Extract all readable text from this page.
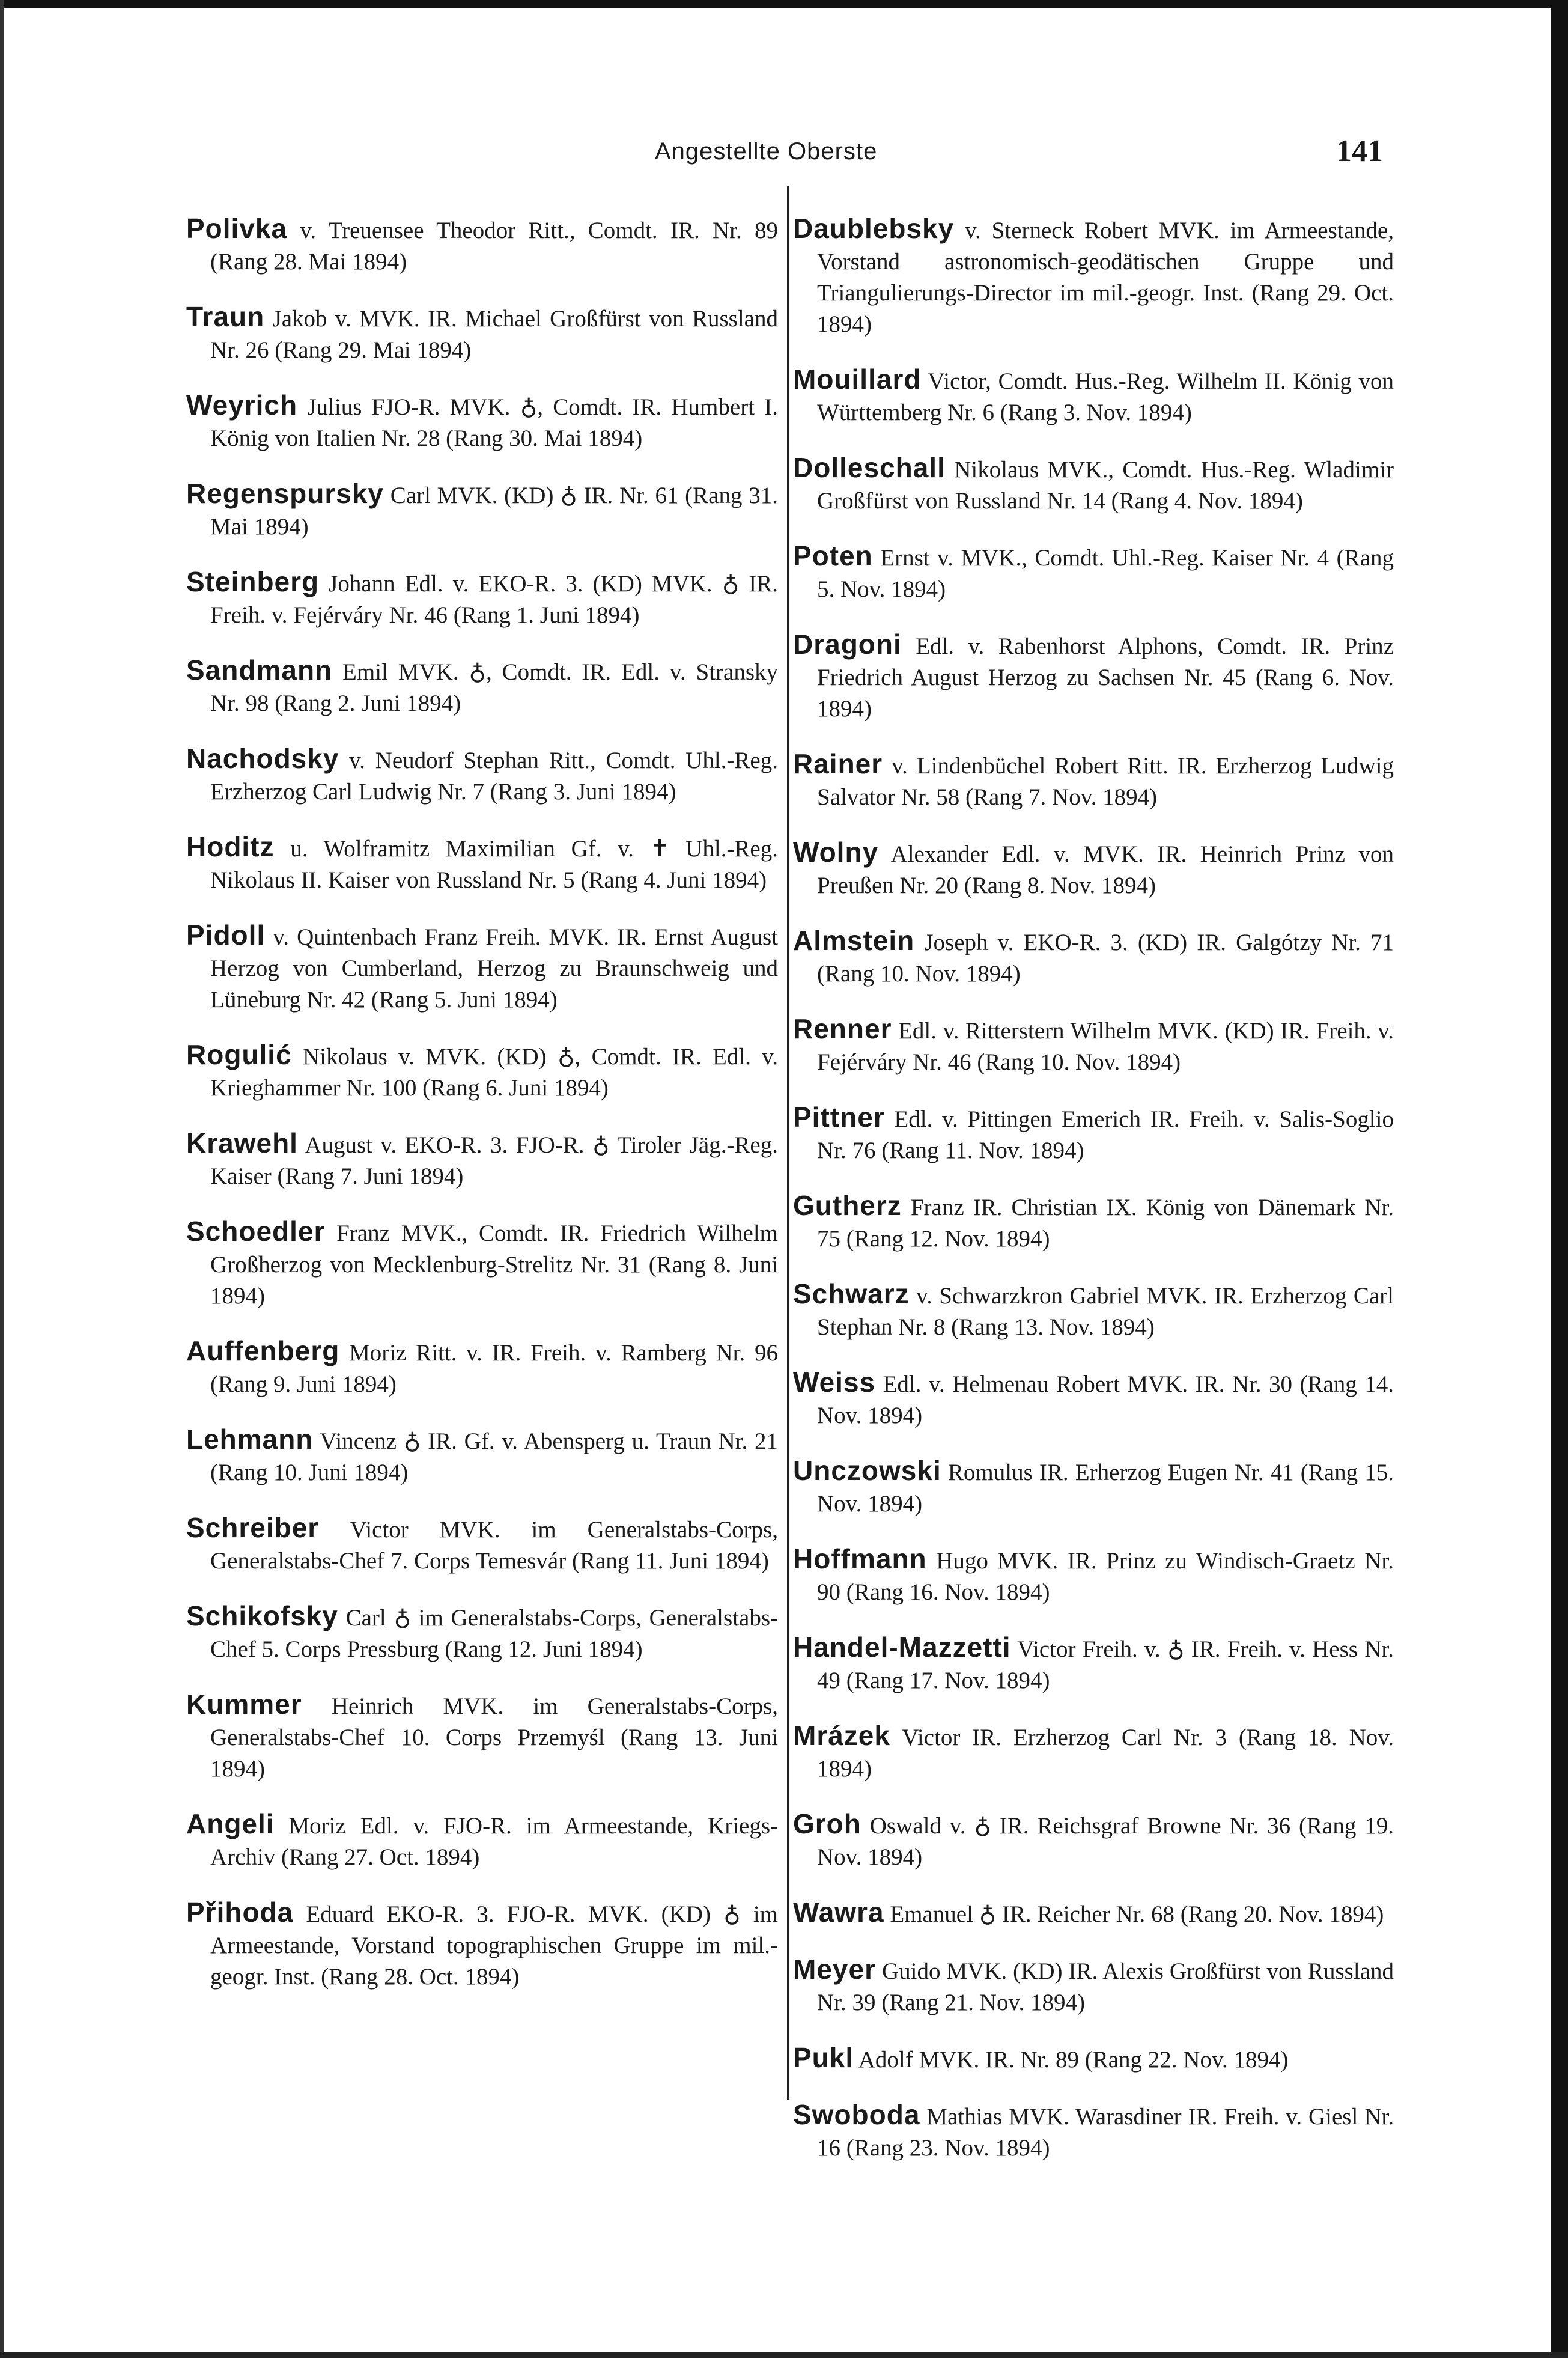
Angestellte Oberste	141

Polivka v. Treuensee Theodor Ritt., Comdt. IR. Nr. 89 (Rang 28. Mai 1894)

Traun Jakob v. MVK. IR. Michael Großfürst von Russland Nr. 26 (Rang 29. Mai 1894)

Weyrich Julius FJO-R. MVK. ♁, Comdt. IR. Humbert I. König von Italien Nr. 28 (Rang 30. Mai 1894)

Regenspursky Carl MVK. (KD) ♁ IR. Nr. 61 (Rang 31. Mai 1894)

Steinberg Johann Edl. v. EKO-R. 3. (KD) MVK. ♁ IR. Freih. v. Fejérváry Nr. 46 (Rang 1. Juni 1894)

Sandmann Emil MVK. ♁, Comdt. IR. Edl. v. Stransky Nr. 98 (Rang 2. Juni 1894)

Nachodsky v. Neudorf Stephan Ritt., Comdt. Uhl.-Reg. Erzherzog Carl Ludwig Nr. 7 (Rang 3. Juni 1894)

Hoditz u. Wolframitz Maximilian Gf. v. ✝ Uhl.-Reg. Nikolaus II. Kaiser von Russland Nr. 5 (Rang 4. Juni 1894)

Pidoll v. Quintenbach Franz Freih. MVK. IR. Ernst August Herzog von Cumberland, Herzog zu Braunschweig und Lüneburg Nr. 42 (Rang 5. Juni 1894)

Rogulić Nikolaus v. MVK. (KD) ♁, Comdt. IR. Edl. v. Krieghammer Nr. 100 (Rang 6. Juni 1894)

Krawehl August v. EKO-R. 3. FJO-R. ♁ Tiroler Jäg.-Reg. Kaiser (Rang 7. Juni 1894)

Schoedler Franz MVK., Comdt. IR. Friedrich Wilhelm Großherzog von Mecklenburg-Strelitz Nr. 31 (Rang 8. Juni 1894)

Auffenberg Moriz Ritt. v. IR. Freih. v. Ramberg Nr. 96 (Rang 9. Juni 1894)

Lehmann Vincenz ♁ IR. Gf. v. Abensperg u. Traun Nr. 21 (Rang 10. Juni 1894)

Schreiber Victor MVK. im Generalstabs-Corps, Generalstabs-Chef 7. Corps Temesvár (Rang 11. Juni 1894)

Schikofsky Carl ♁ im Generalstabs-Corps, Generalstabs-Chef 5. Corps Pressburg (Rang 12. Juni 1894)

Kummer Heinrich MVK. im Generalstabs-Corps, Generalstabs-Chef 10. Corps Przemyśl (Rang 13. Juni 1894)

Angeli Moriz Edl. v. FJO-R. im Armeestande, Kriegs-Archiv (Rang 27. Oct. 1894)

Přihoda Eduard EKO-R. 3. FJO-R. MVK. (KD) ♁ im Armeestande, Vorstand topographischen Gruppe im mil.-geogr. Inst. (Rang 28. Oct. 1894)

Daublebsky v. Sterneck Robert MVK. im Armeestande, Vorstand astronomisch-geodätischen Gruppe und Triangulierungs-Director im mil.-geogr. Inst. (Rang 29. Oct. 1894)

Mouillard Victor, Comdt. Hus.-Reg. Wilhelm II. König von Württemberg Nr. 6 (Rang 3. Nov. 1894)

Dolleschall Nikolaus MVK., Comdt. Hus.-Reg. Wladimir Großfürst von Russland Nr. 14 (Rang 4. Nov. 1894)

Poten Ernst v. MVK., Comdt. Uhl.-Reg. Kaiser Nr. 4 (Rang 5. Nov. 1894)

Dragoni Edl. v. Rabenhorst Alphons, Comdt. IR. Prinz Friedrich August Herzog zu Sachsen Nr. 45 (Rang 6. Nov. 1894)

Rainer v. Lindenbüchel Robert Ritt. IR. Erzherzog Ludwig Salvator Nr. 58 (Rang 7. Nov. 1894)

Wolny Alexander Edl. v. MVK. IR. Heinrich Prinz von Preußen Nr. 20 (Rang 8. Nov. 1894)

Almstein Joseph v. EKO-R. 3. (KD) IR. Galgótzy Nr. 71 (Rang 10. Nov. 1894)

Renner Edl. v. Ritterstern Wilhelm MVK. (KD) IR. Freih. v. Fejérváry Nr. 46 (Rang 10. Nov. 1894)

Pittner Edl. v. Pittingen Emerich IR. Freih. v. Salis-Soglio Nr. 76 (Rang 11. Nov. 1894)

Gutherz Franz IR. Christian IX. König von Dänemark Nr. 75 (Rang 12. Nov. 1894)

Schwarz v. Schwarzkron Gabriel MVK. IR. Erzherzog Carl Stephan Nr. 8 (Rang 13. Nov. 1894)

Weiss Edl. v. Helmenau Robert MVK. IR. Nr. 30 (Rang 14. Nov. 1894)

Unczowski Romulus IR. Erherzog Eugen Nr. 41 (Rang 15. Nov. 1894)

Hoffmann Hugo MVK. IR. Prinz zu Windisch-Graetz Nr. 90 (Rang 16. Nov. 1894)

Handel-Mazzetti Victor Freih. v. ♁ IR. Freih. v. Hess Nr. 49 (Rang 17. Nov. 1894)

Mrázek Victor IR. Erzherzog Carl Nr. 3 (Rang 18. Nov. 1894)

Groh Oswald v. ♁ IR. Reichsgraf Browne Nr. 36 (Rang 19. Nov. 1894)

Wawra Emanuel ♁ IR. Reicher Nr. 68 (Rang 20. Nov. 1894)

Meyer Guido MVK. (KD) IR. Alexis Großfürst von Russland Nr. 39 (Rang 21. Nov. 1894)

Pukl Adolf MVK. IR. Nr. 89 (Rang 22. Nov. 1894)

Swoboda Mathias MVK. Warasdiner IR. Freih. v. Giesl Nr. 16 (Rang 23. Nov. 1894)
